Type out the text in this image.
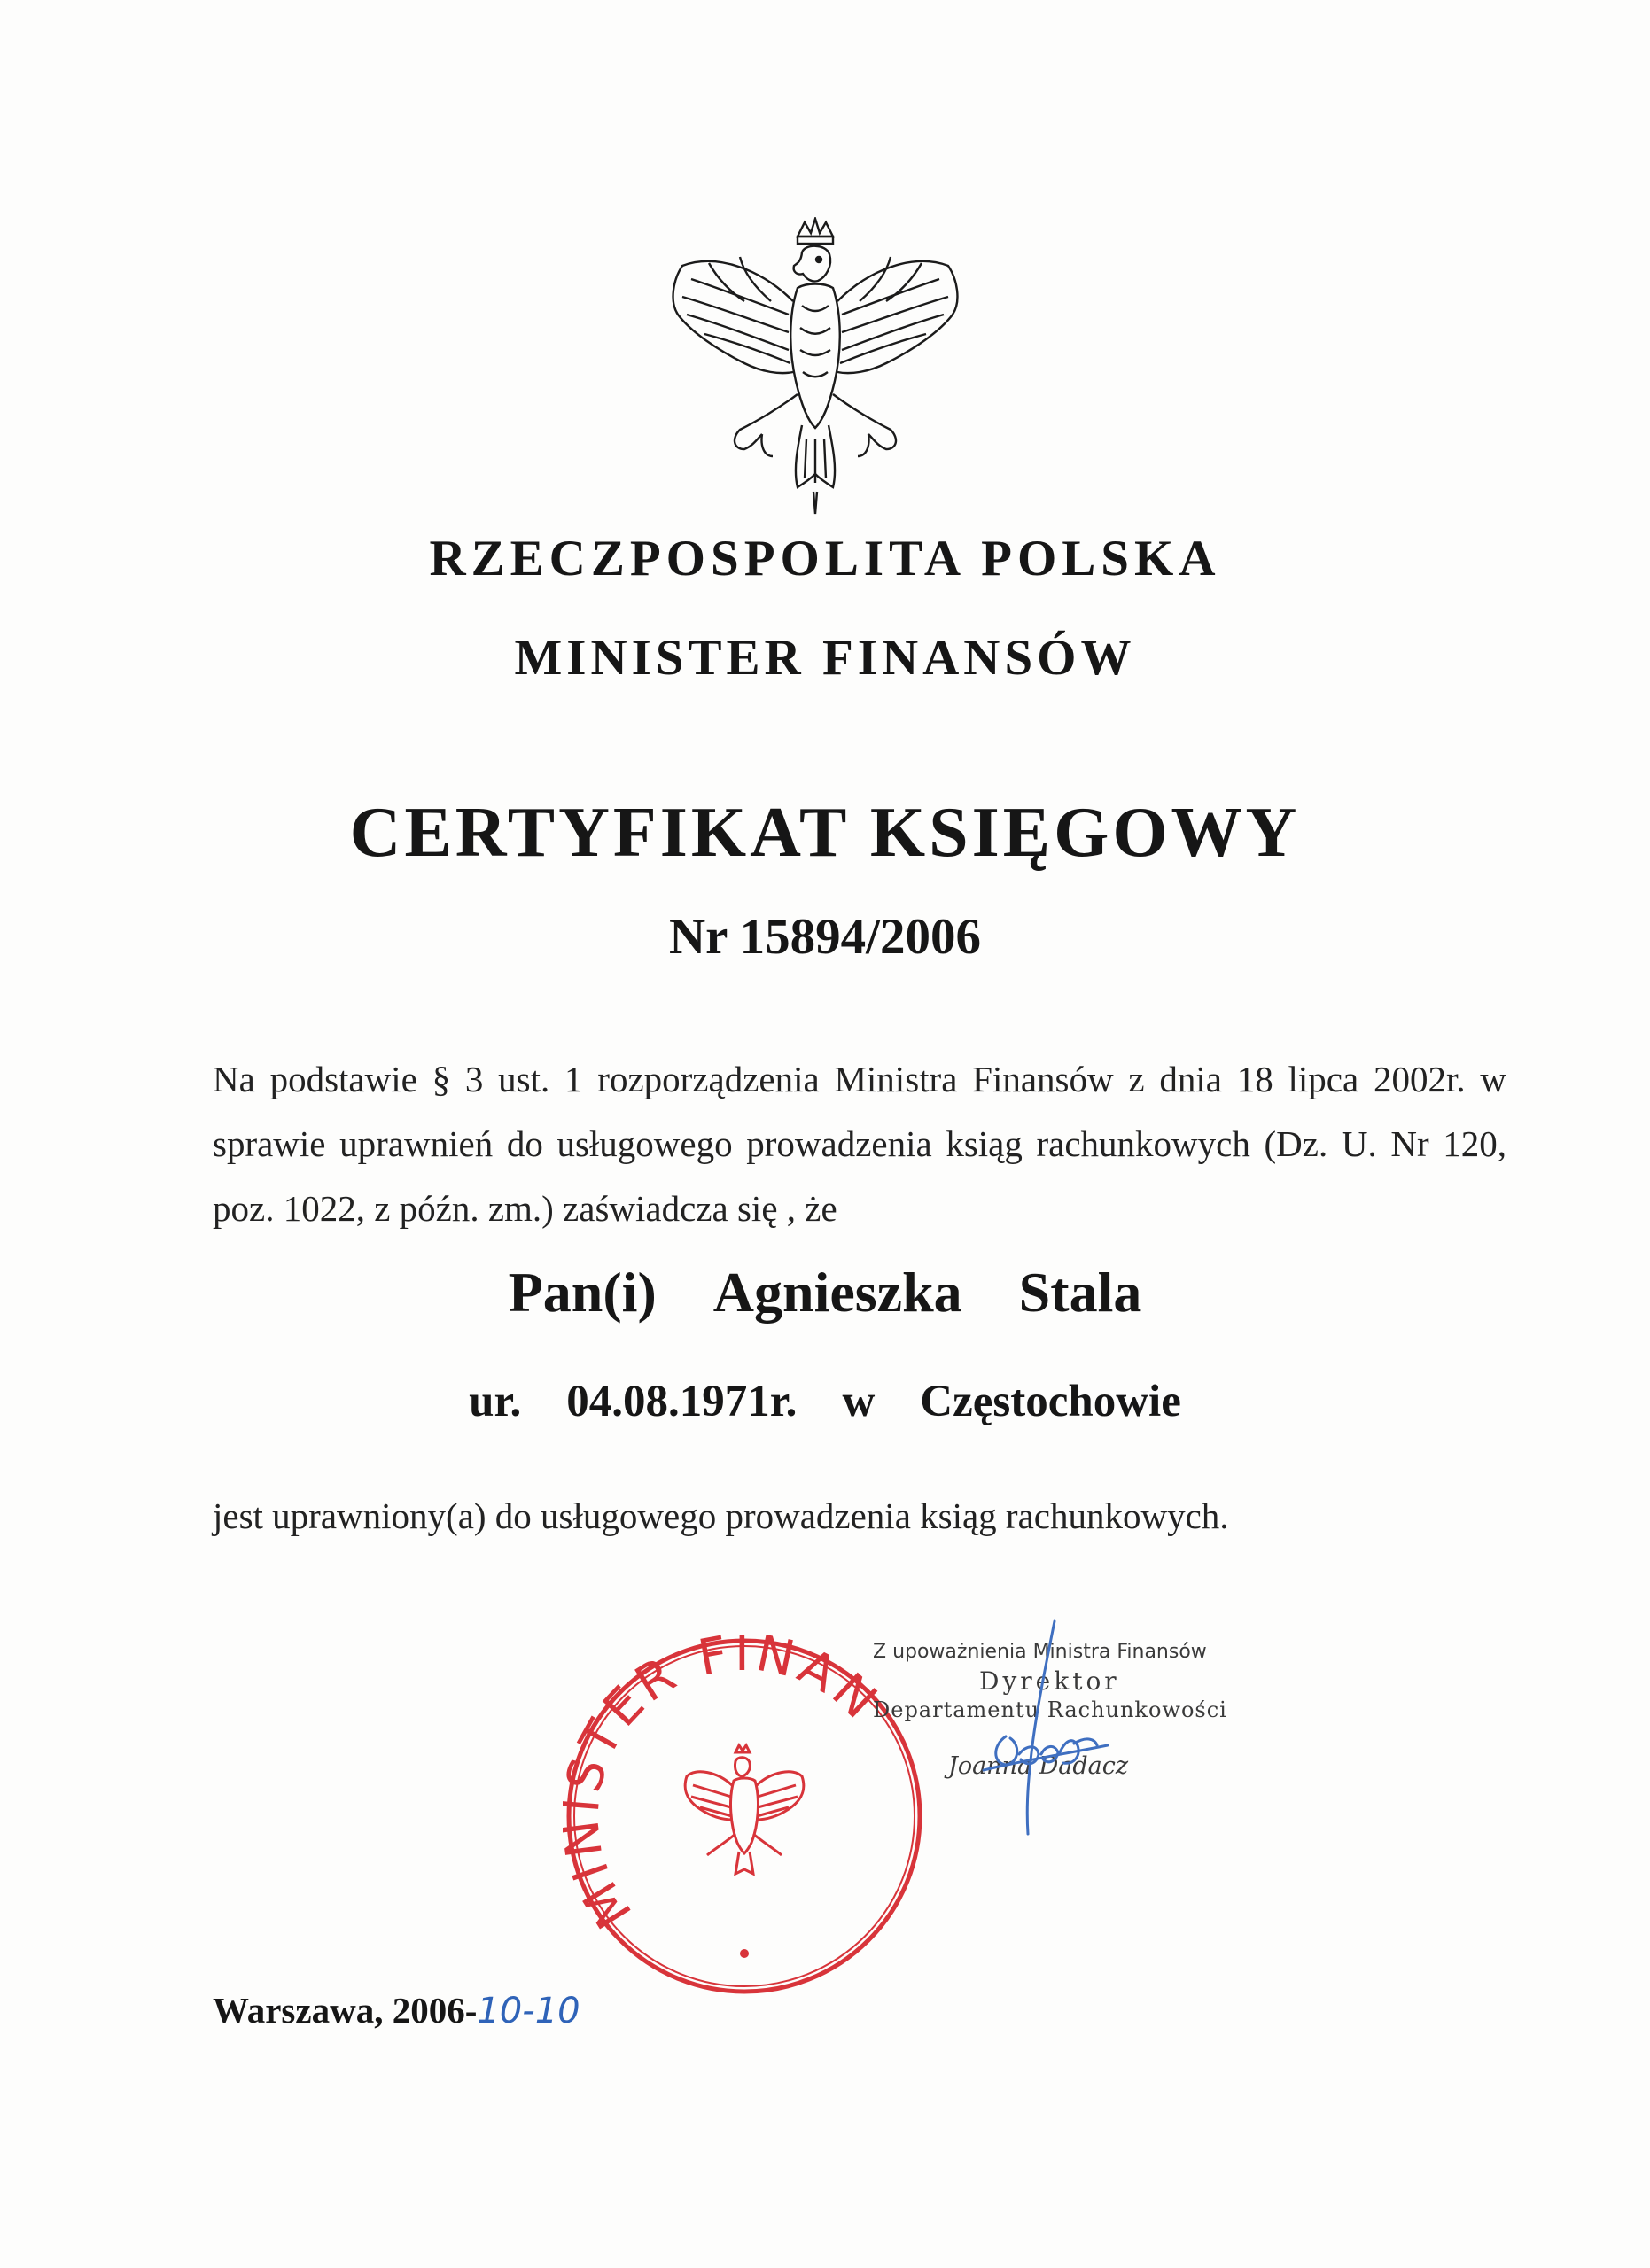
RZECZPOSPOLITA POLSKA
MINISTER FINANSÓW
CERTYFIKAT KSIĘGOWY
Nr 15894/2006
Na podstawie § 3 ust. 1 rozporządzenia Ministra Finansów z dnia 18 lipca 2002r. w sprawie uprawnień do usługowego prowadzenia ksiąg rachunkowych (Dz. U. Nr 120, poz. 1022, z późn. zm.) zaświadcza się , że
Pan(i) Agnieszka Stala
ur. 04.08.1971r. w Częstochowie
jest uprawniony(a) do usługowego prowadzenia ksiąg rachunkowych.
MINISTER FINANSÓW
Z upoważnienia Ministra Finansów
Dyrektor
Departamentu Rachunkowości
Joanna Dadacz
Warszawa, 2006-10-10
